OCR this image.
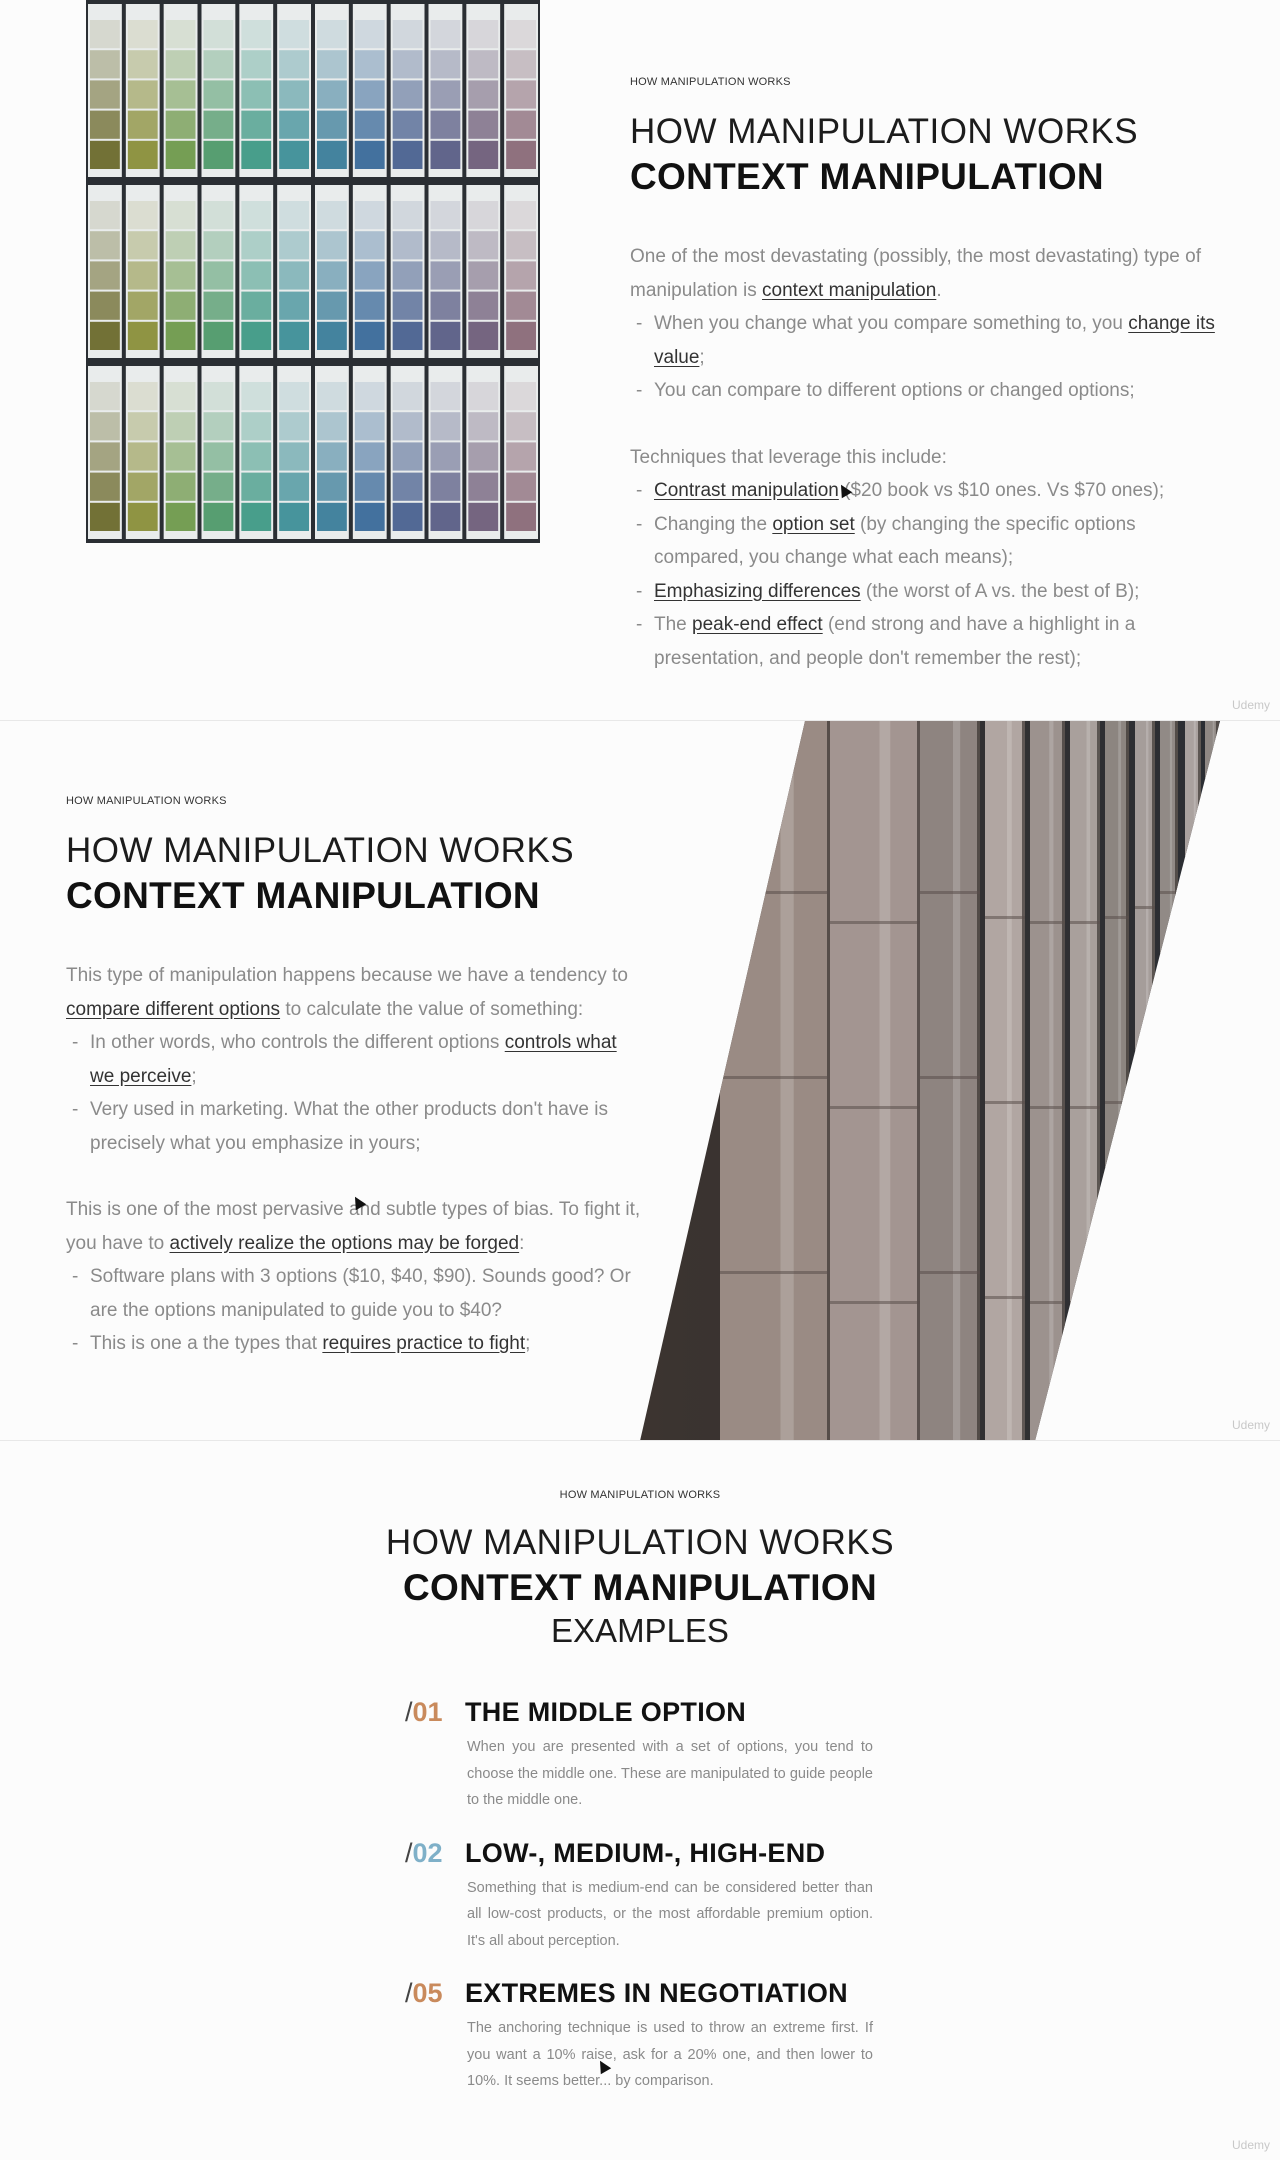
HOW MANIPULATION WORKS
HOW MANIPULATION WORKS
CONTEXT MANIPULATION

One of the most devastating (possibly, the most devastating) type of manipulation is context manipulation.

- When you change what you compare something to, you change its value;
- You can compare to different options or changed options;

Techniques that leverage this include:

- Contrast manipulation ($20 book vs $10 ones. Vs $70 ones);
- Changing the option set (by changing the specific options compared, you change what each means);
- Emphasizing differences (the worst of A vs. the best of B);
- The peak-end effect (end strong and have a highlight in a presentation, and people don't remember the rest);
Udemy
HOW MANIPULATION WORKS
HOW MANIPULATION WORKS
CONTEXT MANIPULATION

This type of manipulation happens because we have a tendency to compare different options to calculate the value of something:

- In other words, who controls the different options controls what we perceive;
- Very used in marketing. What the other products don't have is precisely what you emphasize in yours;

This is one of the most pervasive and subtle types of bias. To fight it, you have to actively realize the options may be forged:

- Software plans with 3 options ($10, $40, $90). Sounds good? Or are the options manipulated to guide you to $40?
- This is one a the types that requires practice to fight;
Udemy
HOW MANIPULATION WORKS
HOW MANIPULATION WORKS
CONTEXT MANIPULATION
EXAMPLES
/01 THE MIDDLE OPTION
When you are presented with a set of options, you tend to choose the middle one. These are manipulated to guide people to the middle one.
/02 LOW-, MEDIUM-, HIGH-END
Something that is medium-end can be considered better than all low-cost products, or the most affordable premium option. It's all about perception.
/05 EXTREMES IN NEGOTIATION
The anchoring technique is used to throw an extreme first. If you want a 10% raise, ask for a 20% one, and then lower to 10%. It seems better... by comparison.
Udemy
